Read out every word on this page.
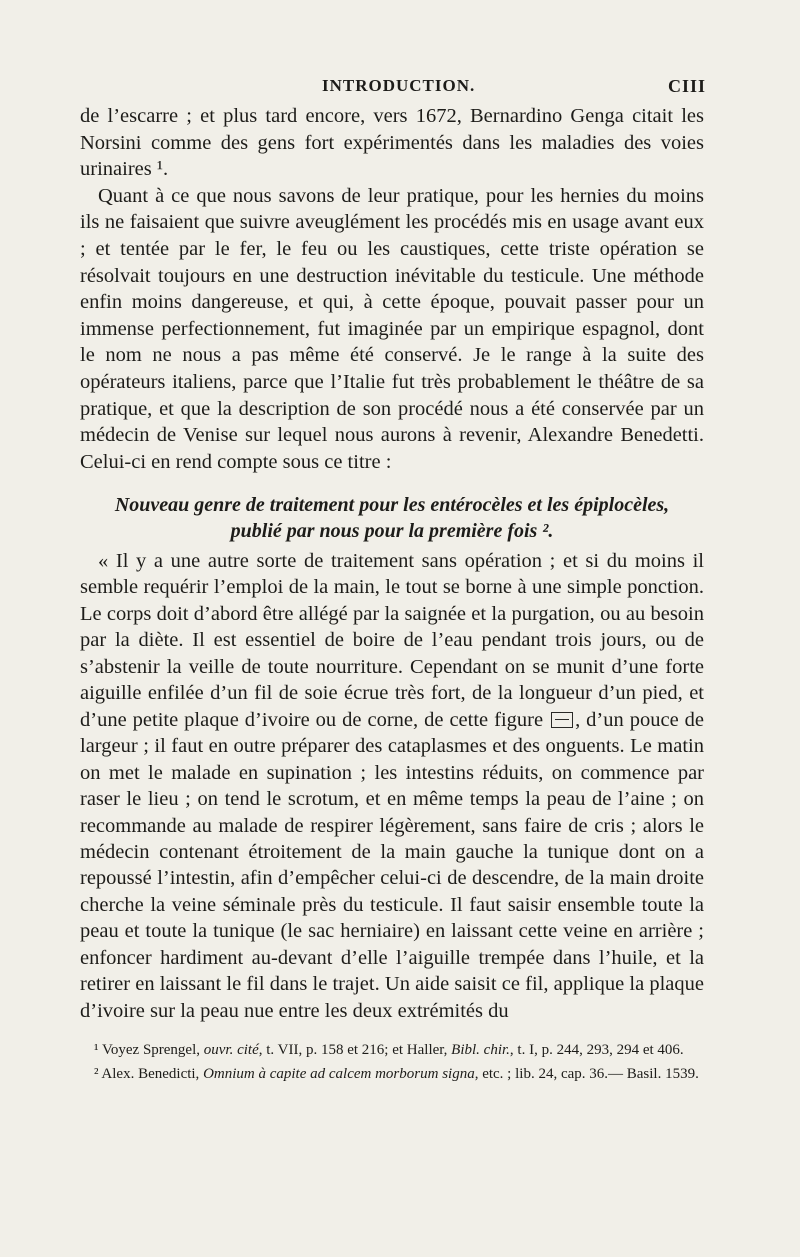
INTRODUCTION.	CIII

de l’escarre ; et plus tard encore, vers 1672, Bernardino Genga citait les Norsini comme des gens fort expérimentés dans les maladies des voies urinaires ¹.

Quant à ce que nous savons de leur pratique, pour les hernies du moins ils ne faisaient que suivre aveuglément les procédés mis en usage avant eux ; et tentée par le fer, le feu ou les caustiques, cette triste opération se résolvait toujours en une destruction inévitable du testicule. Une méthode enfin moins dangereuse, et qui, à cette époque, pouvait passer pour un immense perfectionnement, fut imaginée par un empirique espagnol, dont le nom ne nous a pas même été conservé. Je le range à la suite des opérateurs italiens, parce que l’Italie fut très probablement le théâtre de sa pratique, et que la description de son procédé nous a été conservée par un médecin de Venise sur lequel nous aurons à revenir, Alexandre Benedetti. Celui-ci en rend compte sous ce titre :

Nouveau genre de traitement pour les entérocèles et les épiplocèles,
publié par nous pour la première fois ².

« Il y a une autre sorte de traitement sans opération ; et si du moins il semble requérir l’emploi de la main, le tout se borne à une simple ponction. Le corps doit d’abord être allégé par la saignée et la purgation, ou au besoin par la diète. Il est essentiel de boire de l’eau pendant trois jours, ou de s’abstenir la veille de toute nourriture. Cependant on se munit d’une forte aiguille enfilée d’un fil de soie écrue très fort, de la longueur d’un pied, et d’une petite plaque d’ivoire ou de corne, de cette figure , d’un pouce de largeur ; il faut en outre préparer des cataplasmes et des onguents. Le matin on met le malade en supination ; les intestins réduits, on commence par raser le lieu ; on tend le scrotum, et en même temps la peau de l’aine ; on recommande au malade de respirer légèrement, sans faire de cris ; alors le médecin contenant étroitement de la main gauche la tunique dont on a repoussé l’intestin, afin d’empêcher celui-ci de descendre, de la main droite cherche la veine séminale près du testicule. Il faut saisir ensemble toute la peau et toute la tunique (le sac herniaire) en laissant cette veine en arrière ; enfoncer hardiment au-devant d’elle l’aiguille trempée dans l’huile, et la retirer en laissant le fil dans le trajet. Un aide saisit ce fil, applique la plaque d’ivoire sur la peau nue entre les deux extrémités du

¹ Voyez Sprengel, ouvr. cité, t. VII, p. 158 et 216; et Haller, Bibl. chir., t. I, p. 244, 293, 294 et 406.

² Alex. Benedicti, Omnium à capite ad calcem morborum signa, etc. ; lib. 24, cap. 36.— Basil. 1539.
